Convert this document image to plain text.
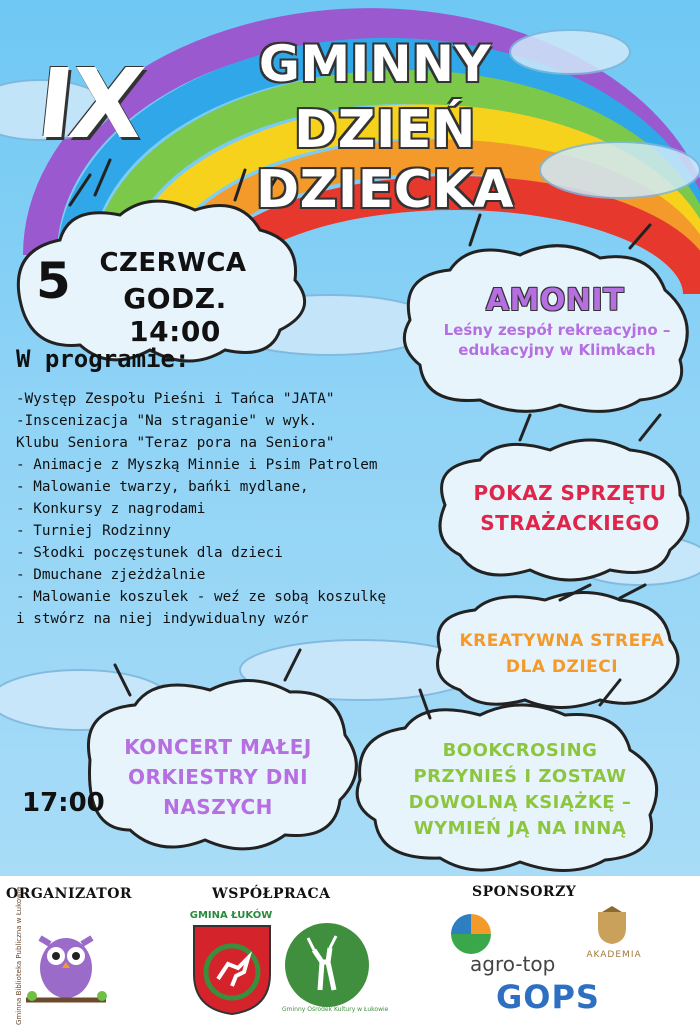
IX GMINNY
DZIEŃ DZIECKA
5 CZERWCA
GODZ. 14:00
W programie:
-Występ Zespołu Pieśni i Tańca "JATA"
-Inscenizacja "Na straganie" w wyk.
Klubu Seniora "Teraz pora na Seniora"
- Animacje z Myszką Minnie i Psim Patrolem
- Malowanie twarzy, bańki mydlane,
- Konkursy z nagrodami
- Turniej Rodzinny
- Słodki poczęstunek dla dzieci
- Dmuchane zjeżdżalnie
- Malowanie koszulek - weź ze sobą koszulkę
i stwórz na niej indywidualny wzór
AMONIT
Leśny zespół rekreacyjno – edukacyjny w Klimkach
POKAZ SPRZĘTU STRAŻACKIEGO
KREATYWNA STREFA DLA DZIECI
KONCERT MAŁEJ ORKIESTRY DNI NASZYCH
17:00
BOOKCROSING PRZYNIEŚ I ZOSTAW DOWOLNĄ KSIĄŻKĘ – WYMIEŃ JĄ NA INNĄ
ORGANIZATOR	WSPÓŁPRACA	SPONSORZY
Gminna Biblioteka Publiczna w Łukowie	GMINA ŁUKÓW
Gminny Ośrodek Kultury w Łukowie
agro-top	AKADEMIA
GOPS
